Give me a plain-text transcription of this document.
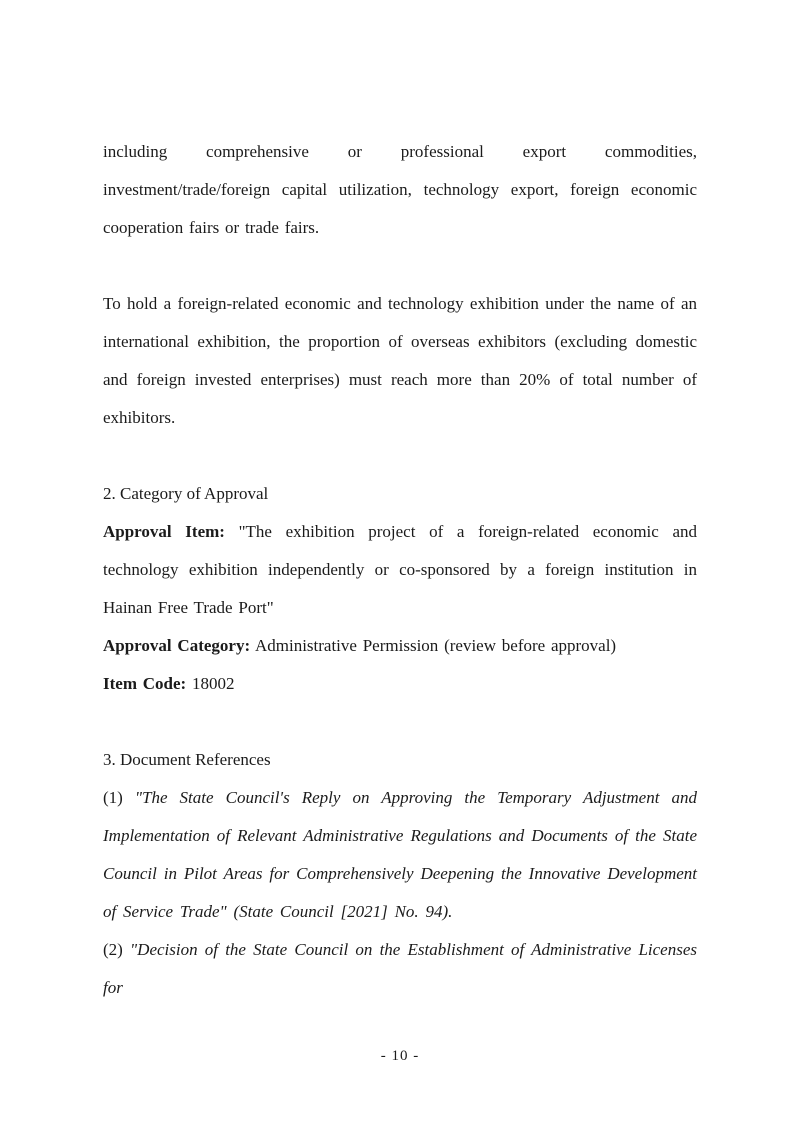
including comprehensive or professional export commodities, investment/trade/foreign capital utilization, technology export, foreign economic cooperation fairs or trade fairs.

To hold a foreign-related economic and technology exhibition under the name of an international exhibition, the proportion of overseas exhibitors (excluding domestic and foreign invested enterprises) must reach more than 20% of total number of exhibitors.

2. Category of Approval

Approval Item: "The exhibition project of a foreign-related economic and technology exhibition independently or co-sponsored by a foreign institution in Hainan Free Trade Port"

Approval Category: Administrative Permission (review before approval)

Item Code: 18002

3. Document References

(1) "The State Council's Reply on Approving the Temporary Adjustment and Implementation of Relevant Administrative Regulations and Documents of the State Council in Pilot Areas for Comprehensively Deepening the Innovative Development of Service Trade" (State Council [2021] No. 94).

(2) "Decision of the State Council on the Establishment of Administrative Licenses for

- 10 -
